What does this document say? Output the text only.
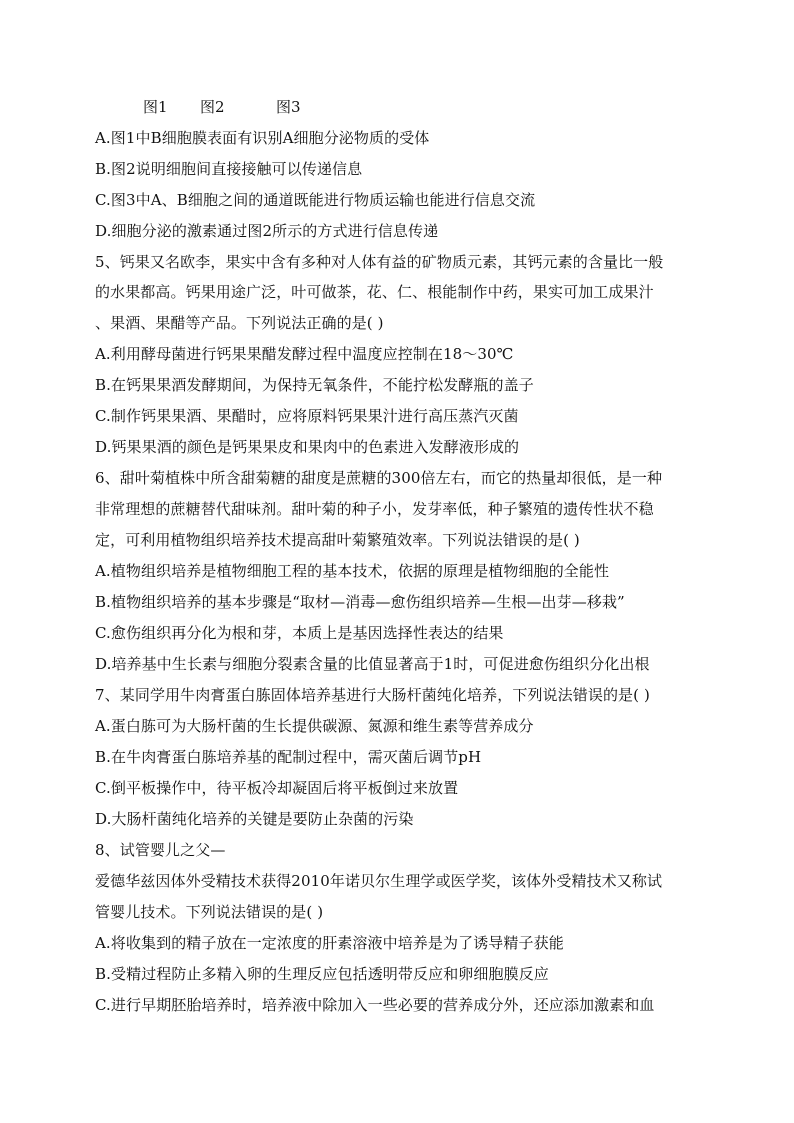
图1 图2	图3
A.图1中B细胞膜表面有识别A细胞分泌物质的受体
B.图2说明细胞间直接接触可以传递信息
C.图3中A、B细胞之间的通道既能进行物质运输也能进行信息交流
D.细胞分泌的激素通过图2所示的方式进行信息传递
5、钙果又名欧李，果实中含有多种对人体有益的矿物质元素，其钙元素的含量比一般
的水果都高。钙果用途广泛，叶可做茶，花、仁、根能制作中药，果实可加工成果汁
、果酒、果醋等产品。下列说法正确的是( )
A.利用酵母菌进行钙果果醋发酵过程中温度应控制在18～30℃
B.在钙果果酒发酵期间，为保持无氧条件，不能拧松发酵瓶的盖子
C.制作钙果果酒、果醋时，应将原料钙果果汁进行高压蒸汽灭菌
D.钙果果酒的颜色是钙果果皮和果肉中的色素进入发酵液形成的
6、甜叶菊植株中所含甜菊糖的甜度是蔗糖的300倍左右，而它的热量却很低，是一种
非常理想的蔗糖替代甜味剂。甜叶菊的种子小，发芽率低，种子繁殖的遗传性状不稳
定，可利用植物组织培养技术提高甜叶菊繁殖效率。下列说法错误的是( )
A.植物组织培养是植物细胞工程的基本技术，依据的原理是植物细胞的全能性
B.植物组织培养的基本步骤是“取材—消毒—愈伤组织培养—生根—出芽—移栽”
C.愈伤组织再分化为根和芽，本质上是基因选择性表达的结果
D.培养基中生长素与细胞分裂素含量的比值显著高于1时，可促进愈伤组织分化出根
7、某同学用牛肉膏蛋白胨固体培养基进行大肠杆菌纯化培养，下列说法错误的是( )
A.蛋白胨可为大肠杆菌的生长提供碳源、氮源和维生素等营养成分
B.在牛肉膏蛋白胨培养基的配制过程中，需灭菌后调节pH
C.倒平板操作中，待平板冷却凝固后将平板倒过来放置
D.大肠杆菌纯化培养的关键是要防止杂菌的污染
8、试管婴儿之父—
爱德华兹因体外受精技术获得2010年诺贝尔生理学或医学奖，该体外受精技术又称试
管婴儿技术。下列说法错误的是( )
A.将收集到的精子放在一定浓度的肝素溶液中培养是为了诱导精子获能
B.受精过程防止多精入卵的生理反应包括透明带反应和卵细胞膜反应
C.进行早期胚胎培养时，培养液中除加入一些必要的营养成分外，还应添加激素和血
